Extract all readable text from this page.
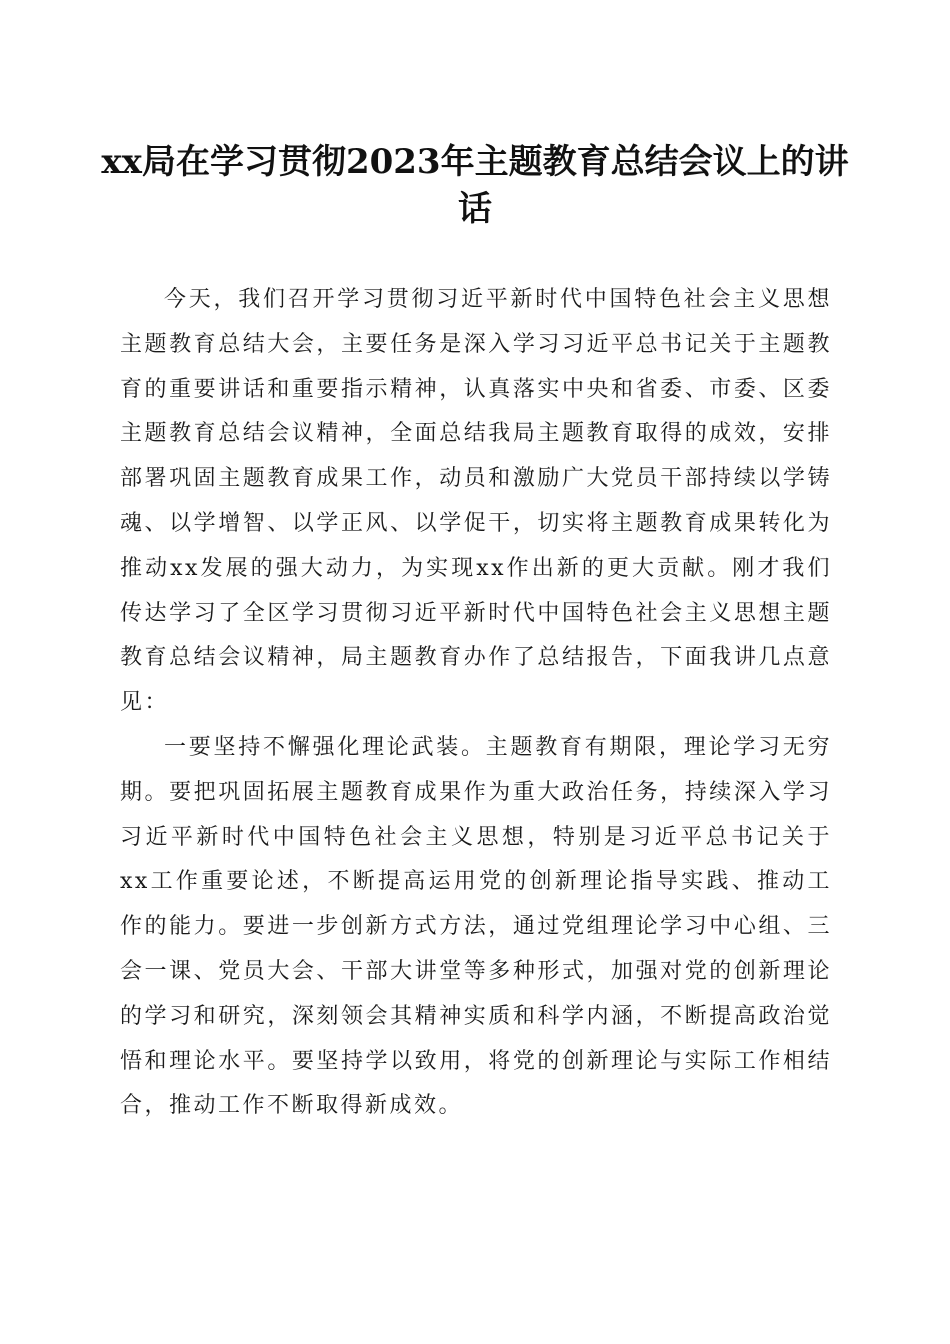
xx局在学习贯彻2023年主题教育总结会议上的讲话

今天，我们召开学习贯彻习近平新时代中国特色社会主义思想主题教育总结大会，主要任务是深入学习习近平总书记关于主题教育的重要讲话和重要指示精神，认真落实中央和省委、市委、区委主题教育总结会议精神，全面总结我局主题教育取得的成效，安排部署巩固主题教育成果工作，动员和激励广大党员干部持续以学铸魂、以学增智、以学正风、以学促干，切实将主题教育成果转化为推动xx发展的强大动力，为实现xx作出新的更大贡献。刚才我们传达学习了全区学习贯彻习近平新时代中国特色社会主义思想主题教育总结会议精神，局主题教育办作了总结报告，下面我讲几点意见：

一要坚持不懈强化理论武装。主题教育有期限，理论学习无穷期。要把巩固拓展主题教育成果作为重大政治任务，持续深入学习习近平新时代中国特色社会主义思想，特别是习近平总书记关于xx工作重要论述，不断提高运用党的创新理论指导实践、推动工作的能力。要进一步创新方式方法，通过党组理论学习中心组、三会一课、党员大会、干部大讲堂等多种形式，加强对党的创新理论的学习和研究，深刻领会其精神实质和科学内涵，不断提高政治觉悟和理论水平。要坚持学以致用，将党的创新理论与实际工作相结合，推动工作不断取得新成效。
